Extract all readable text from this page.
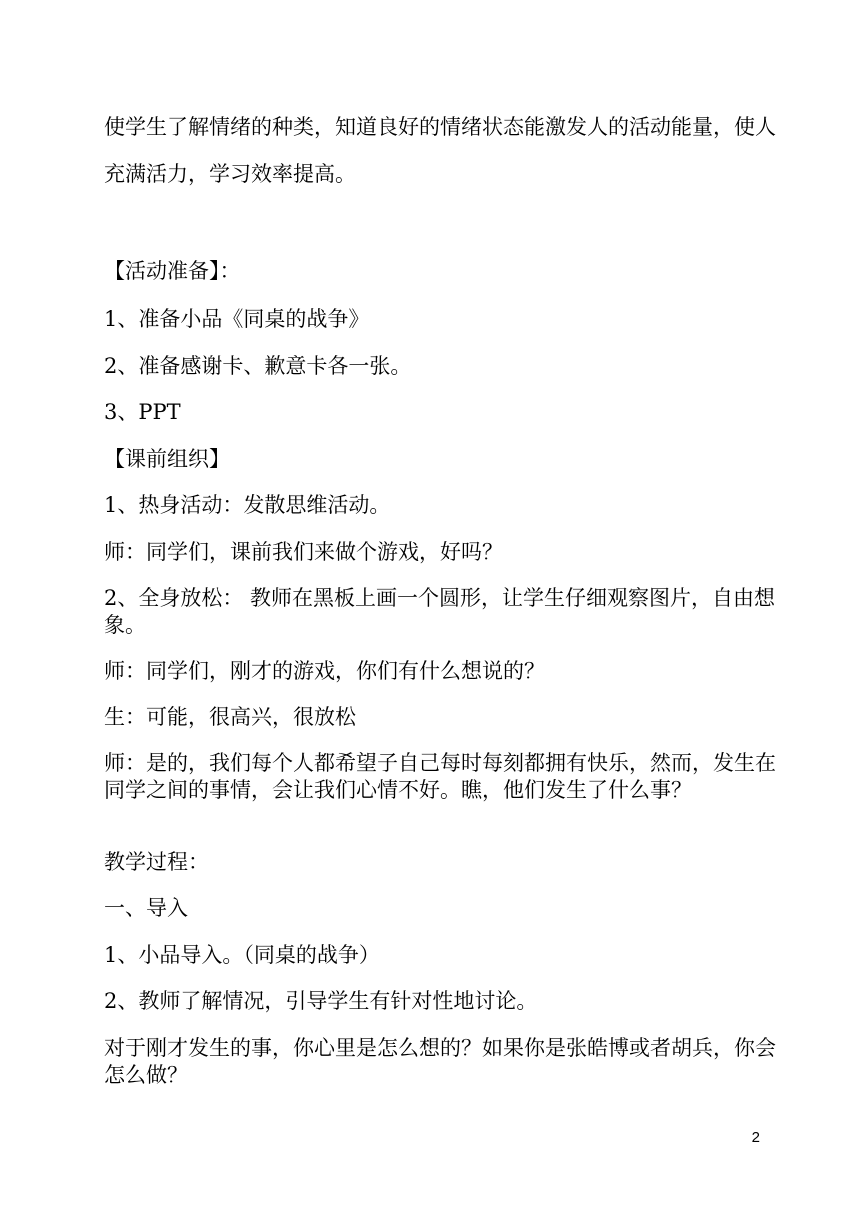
使学生了解情绪的种类，知道良好的情绪状态能激发人的活动能量，使人充满活力，学习效率提高。

【活动准备】：

1、准备小品《同桌的战争》

2、准备感谢卡、歉意卡各一张。

3、PPT

【课前组织】

1、热身活动：发散思维活动。

师：同学们，课前我们来做个游戏，好吗？

2、全身放松： 教师在黑板上画一个圆形，让学生仔细观察图片，自由想象。

师：同学们，刚才的游戏，你们有什么想说的？

生：可能，很高兴，很放松

师：是的，我们每个人都希望子自己每时每刻都拥有快乐，然而，发生在同学之间的事情，会让我们心情不好。瞧，他们发生了什么事？

教学过程：

一、导入

1、小品导入。（同桌的战争）

2、教师了解情况，引导学生有针对性地讨论。

对于刚才发生的事，你心里是怎么想的？如果你是张皓博或者胡兵，你会怎么做？

2
